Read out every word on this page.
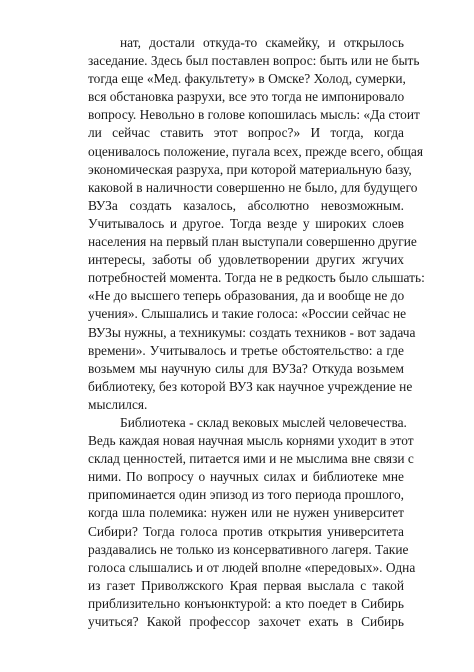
нат, достали откуда-то скамейку, и открылось
заседание. Здесь был поставлен вопрос: быть или не быть
тогда еще «Мед. факультету» в Омске? Холод, сумерки,
вся обстановка разрухи, все это тогда не импонировало
вопросу. Невольно в голове копошилась мысль: «Да стоит
ли сейчас ставить этот вопрос?» И тогда, когда
оценивалось положение, пугала всех, прежде всего, общая
экономическая разруха, при которой материальную базу,
каковой в наличности совершенно не было, для будущего
ВУЗа создать казалось, абсолютно невозможным.
Учитывалось и другое. Тогда везде у широких слоев
населения на первый план выступали совершенно другие
интересы, заботы об удовлетворении других жгучих
потребностей момента. Тогда не в редкость было слышать:
«Не до высшего теперь образования, да и вообще не до
учения». Слышались и такие голоса: «России сейчас не
ВУЗы нужны, а техникумы: создать техников - вот задача
времени». Учитывалось и третье обстоятельство: а где
возьмем мы научную силы для ВУЗа? Откуда возьмем
библиотеку, без которой ВУЗ как научное учреждение не
мыслился.
Библиотека - склад вековых мыслей человечества.
Ведь каждая новая научная мысль корнями уходит в этот
склад ценностей, питается ими и не мыслима вне связи с
ними. По вопросу о научных силах и библиотеке мне
припоминается один эпизод из того периода прошлого,
когда шла полемика: нужен или не нужен университет
Сибири? Тогда голоса против открытия университета
раздавались не только из консервативного лагеря. Такие
голоса слышались и от людей вполне «передовых». Одна
из газет Приволжского Края первая выслала с такой
приблизительно конъюнктурой: а кто поедет в Сибирь
учиться? Какой профессор захочет ехать в Сибирь
